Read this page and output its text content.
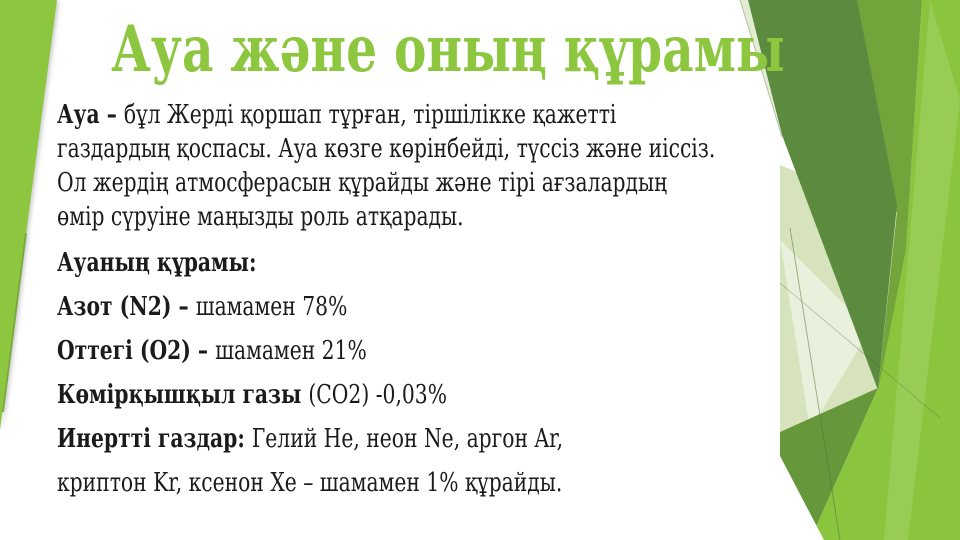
Ауа және оның құрамы
Ауа – бұл Жерді қоршап тұрған, тіршілікке қажетті
газдардың қоспасы. Ауа көзге көрінбейді, түссіз және иіссіз.
Ол жердің атмосферасын құрайды және тірі ағзалардың
өмір сүруіне маңызды роль атқарады.
Ауаның құрамы:
Азот (N2) – шамамен 78%
Оттегі (O2) – шамамен 21%
Көмірқышқыл газы (CO2) -0,03%
Инертті газдар: Гелий He, неон Ne, аргон Ar,
криптон Kr, ксенон Xe – шамамен 1% құрайды.
